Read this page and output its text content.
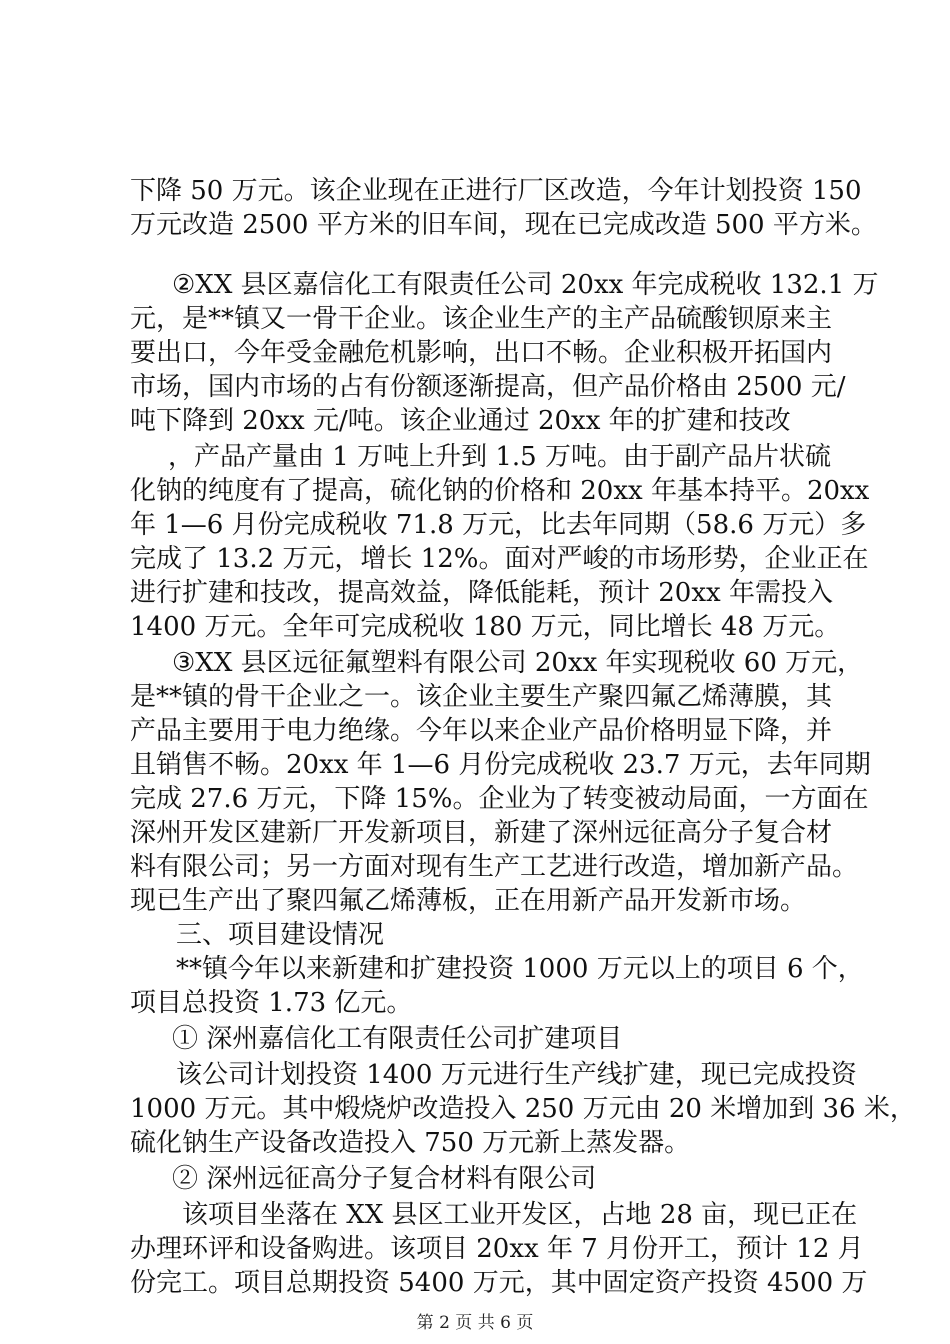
下降 50 万元。该企业现在正进行厂区改造，今年计划投资 150
万元改造 2500 平方米的旧车间，现在已完成改造 500 平方米。
②XX 县区嘉信化工有限责任公司 20xx 年完成税收 132.1 万
元，是**镇又一骨干企业。该企业生产的主产品硫酸钡原来主
要出口，今年受金融危机影响，出口不畅。企业积极开拓国内
市场，国内市场的占有份额逐渐提高，但产品价格由 2500 元/
吨下降到 20xx 元/吨。该企业通过 20xx 年的扩建和技改
，产品产量由 1 万吨上升到 1.5 万吨。由于副产品片状硫
化钠的纯度有了提高，硫化钠的价格和 20xx 年基本持平。20xx
年 1—6 月份完成税收 71.8 万元，比去年同期（58.6 万元）多
完成了 13.2 万元，增长 12%。面对严峻的市场形势，企业正在
进行扩建和技改，提高效益，降低能耗，预计 20xx 年需投入
1400 万元。全年可完成税收 180 万元，同比增长 48 万元。
③XX 县区远征氟塑料有限公司 20xx 年实现税收 60 万元，
是**镇的骨干企业之一。该企业主要生产聚四氟乙烯薄膜，其
产品主要用于电力绝缘。今年以来企业产品价格明显下降，并
且销售不畅。20xx 年 1—6 月份完成税收 23.7 万元，去年同期
完成 27.6 万元，下降 15%。企业为了转变被动局面，一方面在
深州开发区建新厂开发新项目，新建了深州远征高分子复合材
料有限公司；另一方面对现有生产工艺进行改造，增加新产品。
现已生产出了聚四氟乙烯薄板，正在用新产品开发新市场。
三、项目建设情况
**镇今年以来新建和扩建投资 1000 万元以上的项目 6 个，
项目总投资 1.73 亿元。
① 深州嘉信化工有限责任公司扩建项目
该公司计划投资 1400 万元进行生产线扩建，现已完成投资
1000 万元。其中煅烧炉改造投入 250 万元由 20 米增加到 36 米，
硫化钠生产设备改造投入 750 万元新上蒸发器。
② 深州远征高分子复合材料有限公司
该项目坐落在 XX 县区工业开发区，占地 28 亩，现已正在
办理环评和设备购进。该项目 20xx 年 7 月份开工，预计 12 月
份完工。项目总期投资 5400 万元，其中固定资产投资 4500 万
第 2 页 共 6 页
